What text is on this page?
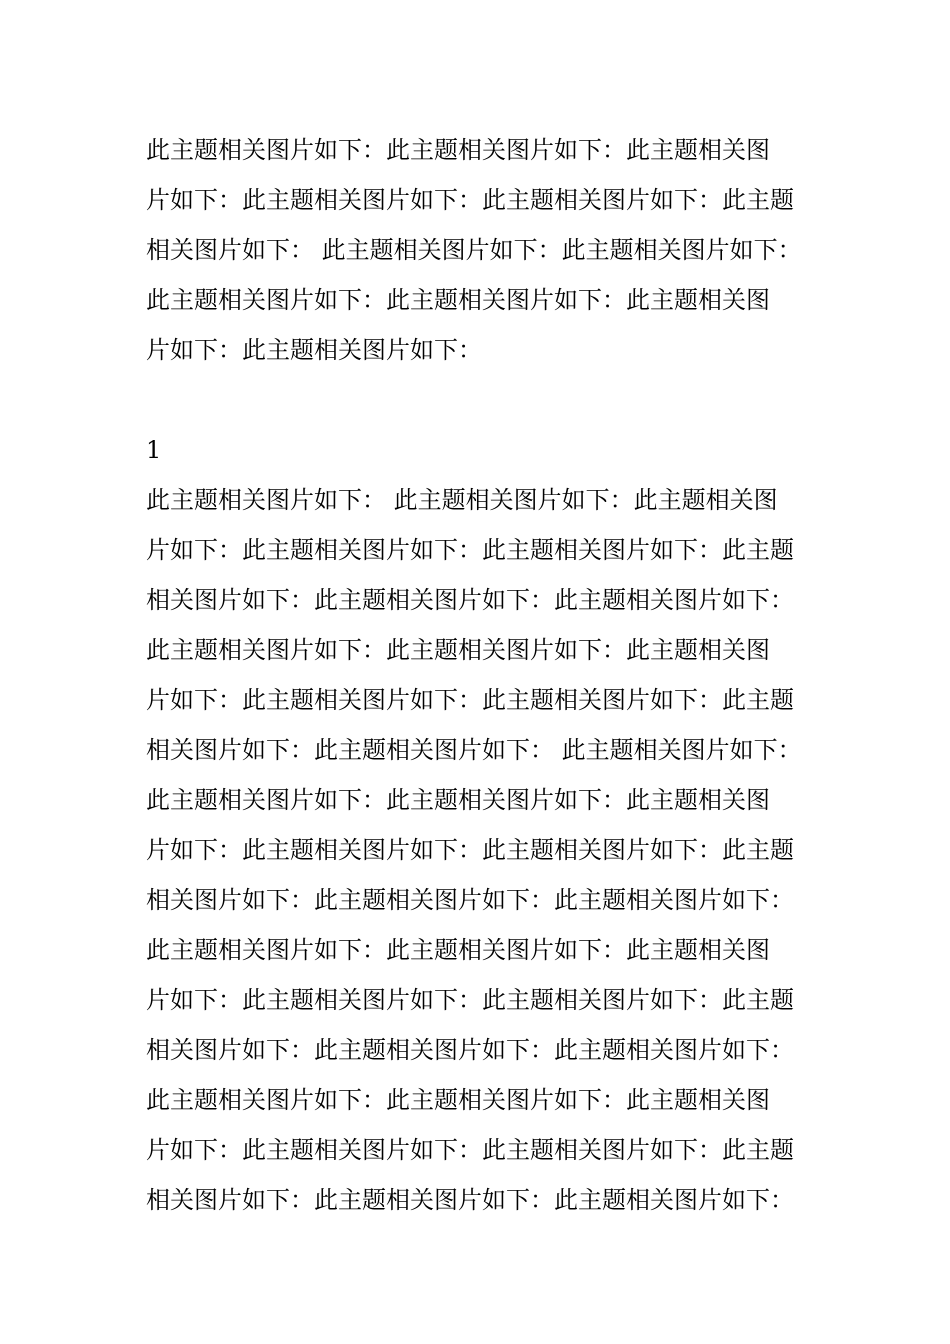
此主题相关图片如下：此主题相关图片如下：此主题相关图
片如下：此主题相关图片如下：此主题相关图片如下：此主题
相关图片如下： 此主题相关图片如下：此主题相关图片如下：
此主题相关图片如下：此主题相关图片如下：此主题相关图
片如下：此主题相关图片如下：
1
此主题相关图片如下： 此主题相关图片如下：此主题相关图
片如下：此主题相关图片如下：此主题相关图片如下：此主题
相关图片如下：此主题相关图片如下：此主题相关图片如下：
此主题相关图片如下：此主题相关图片如下：此主题相关图
片如下：此主题相关图片如下：此主题相关图片如下：此主题
相关图片如下：此主题相关图片如下： 此主题相关图片如下：
此主题相关图片如下：此主题相关图片如下：此主题相关图
片如下：此主题相关图片如下：此主题相关图片如下：此主题
相关图片如下：此主题相关图片如下：此主题相关图片如下：
此主题相关图片如下：此主题相关图片如下：此主题相关图
片如下：此主题相关图片如下：此主题相关图片如下：此主题
相关图片如下：此主题相关图片如下：此主题相关图片如下：
此主题相关图片如下：此主题相关图片如下：此主题相关图
片如下：此主题相关图片如下：此主题相关图片如下：此主题
相关图片如下：此主题相关图片如下：此主题相关图片如下：
